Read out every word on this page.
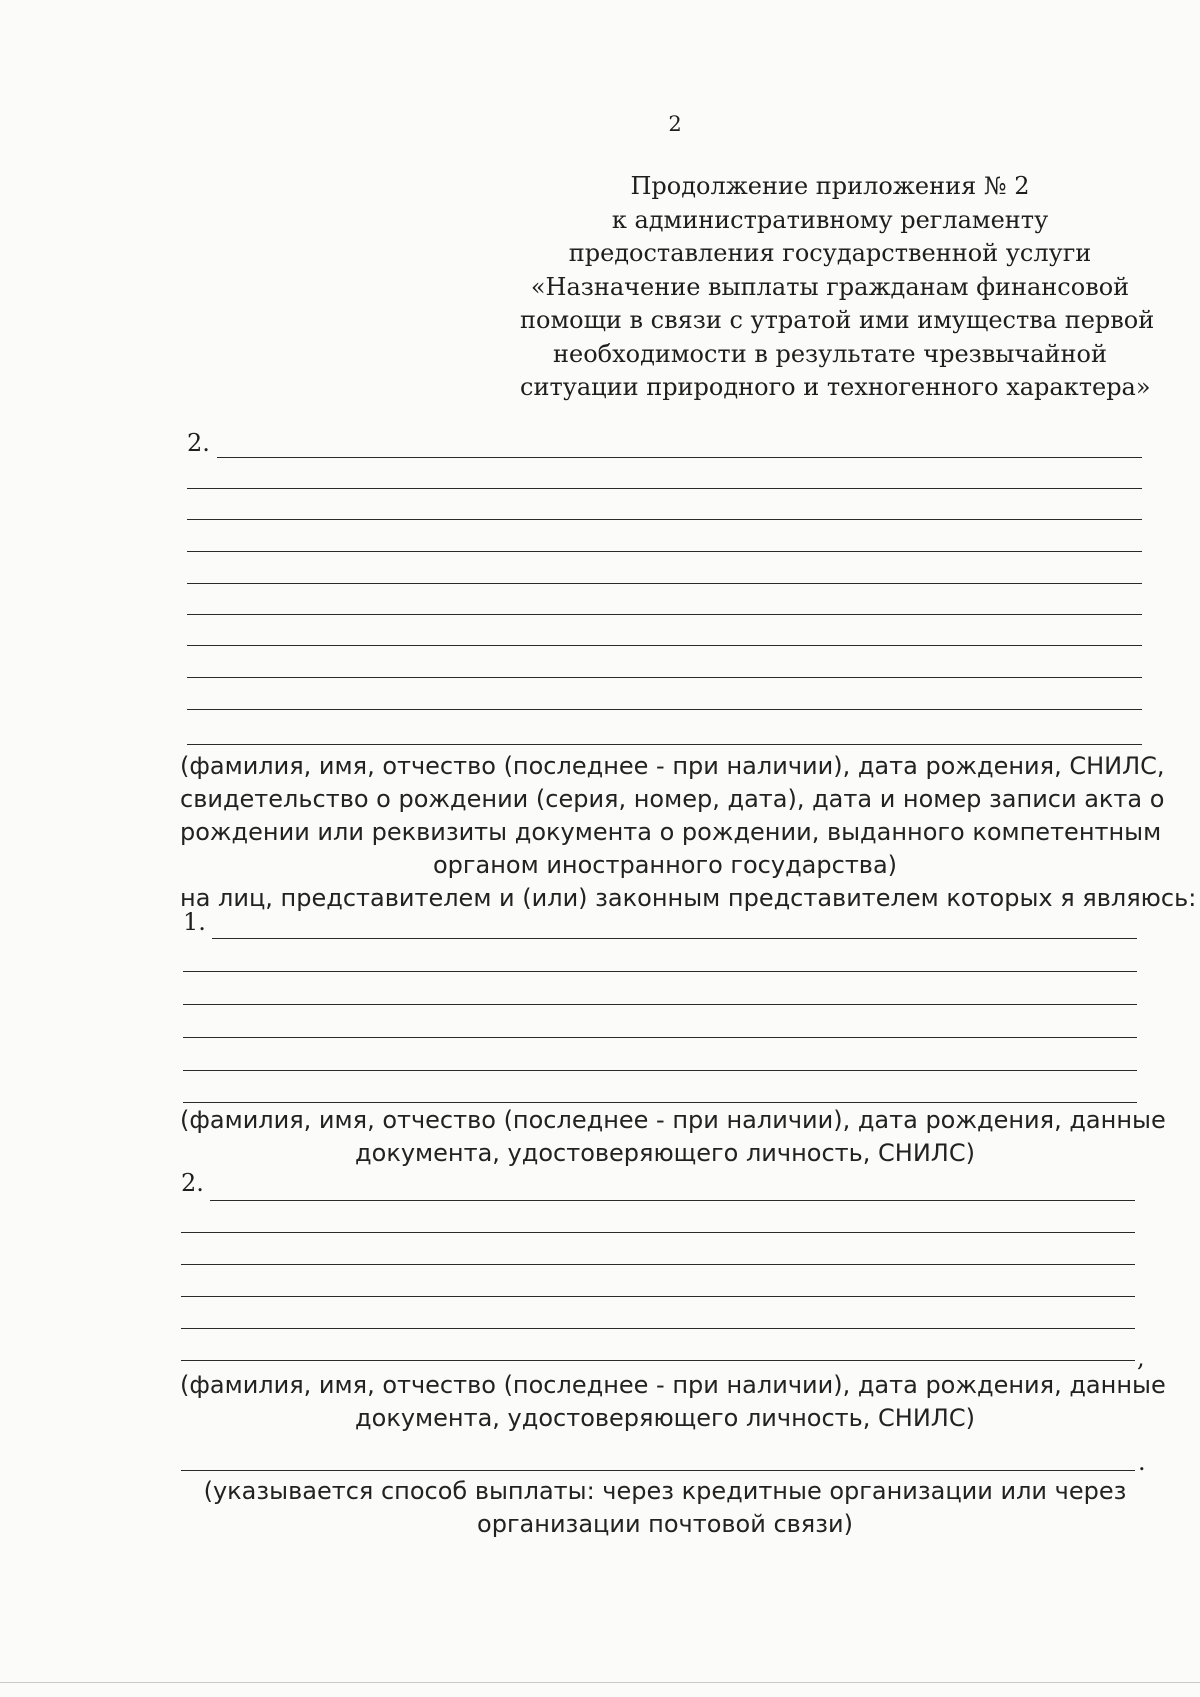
2
Продолжение приложения № 2
к административному регламенту
предоставления государственной услуги
«Назначение выплаты гражданам финансовой
помощи в связи с утратой ими имущества первой
необходимости в результате чрезвычайной
ситуации природного и техногенного характера»
2.
(фамилия, имя, отчество (последнее - при наличии), дата рождения, СНИЛС,
свидетельство о рождении (серия, номер, дата), дата и номер записи акта о
рождении или реквизиты документа о рождении, выданного компетентным
органом иностранного государства)
на лиц, представителем и (или) законным представителем которых я являюсь:
1.
(фамилия, имя, отчество (последнее - при наличии), дата рождения, данные
документа, удостоверяющего личность, СНИЛС)
2.
,
(фамилия, имя, отчество (последнее - при наличии), дата рождения, данные
документа, удостоверяющего личность, СНИЛС)
.
(указывается способ выплаты: через кредитные организации или через
организации почтовой связи)
